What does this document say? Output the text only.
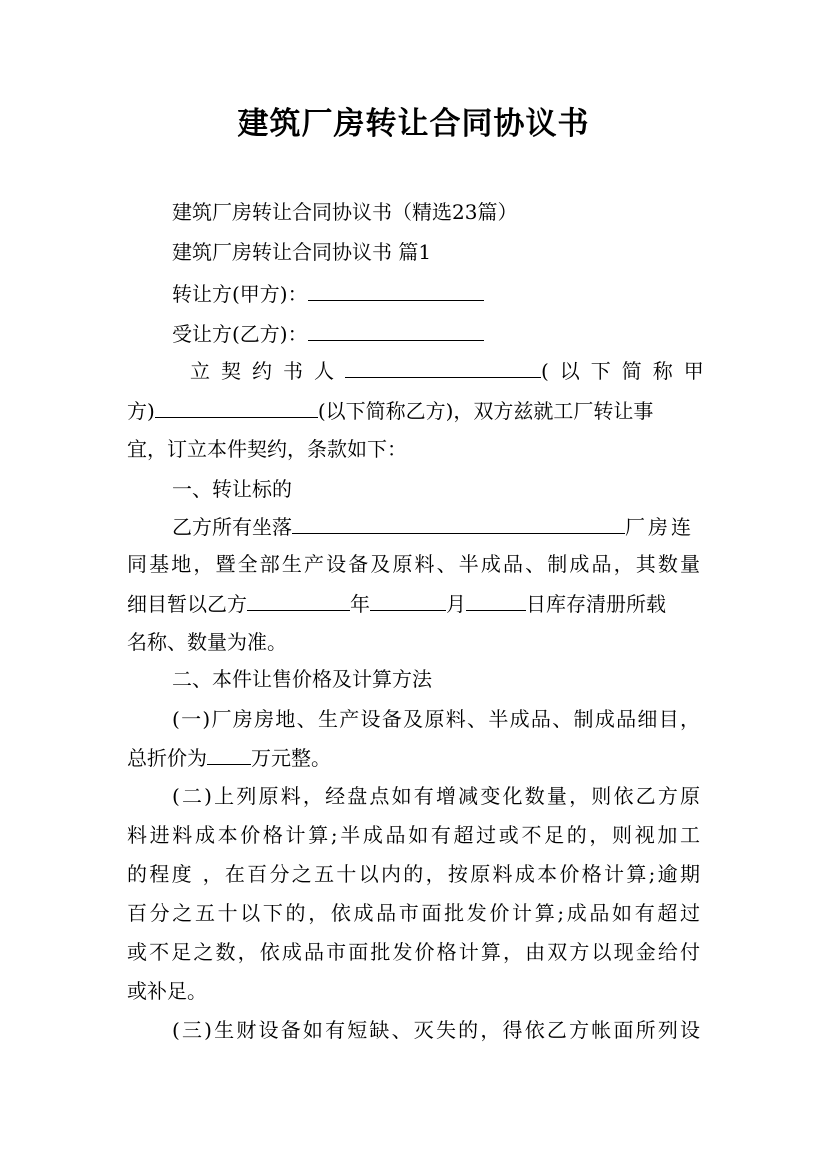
建筑厂房转让合同协议书
建筑厂房转让合同协议书（精选23篇）
建筑厂房转让合同协议书 篇1
转让方(甲方)：
受让方(乙方)：
立契约书人	(以下简称甲
方)	(以下简称乙方)，双方兹就工厂转让事
宜，订立本件契约，条款如下：
一、转让标的
乙方所有坐落	厂房连
同基地，暨全部生产设备及原料、半成品、制成品，其数量
细目暂以乙方	年	月	日库存清册所载
名称、数量为准。
二、本件让售价格及计算方法
(一)厂房房地、生产设备及原料、半成品、制成品细目，
总折价为 万元整。
(二)上列原料，经盘点如有增减变化数量，则依乙方原
料进料成本价格计算;半成品如有超过或不足的，则视加工
的程度 ，在百分之五十以内的，按原料成本价格计算;逾期
百分之五十以下的，依成品市面批发价计算;成品如有超过
或不足之数，依成品市面批发价格计算，由双方以现金给付
或补足。
(三)生财设备如有短缺、灭失的，得依乙方帐面所列设
